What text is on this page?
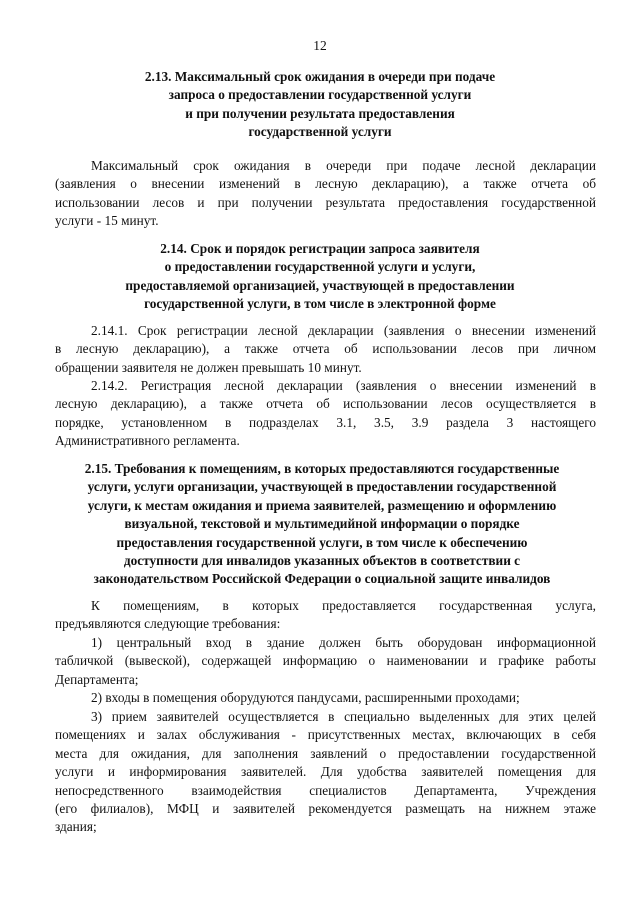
12
2.13. Максимальный срок ожидания в очереди при подаче
запроса о предоставлении государственной услуги
и при получении результата предоставления
государственной услуги
Максимальный срок ожидания в очереди при подаче лесной декларации
(заявления о внесении изменений в лесную декларацию), а также отчета об
использовании лесов и при получении результата предоставления государственной
услуги - 15 минут.
2.14. Срок и порядок регистрации запроса заявителя
о предоставлении государственной услуги и услуги,
предоставляемой организацией, участвующей в предоставлении
государственной услуги, в том числе в электронной форме
2.14.1. Срок регистрации лесной декларации (заявления о внесении изменений
в лесную декларацию), а также отчета об использовании лесов при личном
обращении заявителя не должен превышать 10 минут.
2.14.2. Регистрация лесной декларации (заявления о внесении изменений в
лесную декларацию), а также отчета об использовании лесов осуществляется в
порядке, установленном в подразделах 3.1, 3.5, 3.9 раздела 3 настоящего
Административного регламента.
2.15. Требования к помещениям, в которых предоставляются государственные
услуги, услуги организации, участвующей в предоставлении государственной
услуги, к местам ожидания и приема заявителей, размещению и оформлению
визуальной, текстовой и мультимедийной информации о порядке
предоставления государственной услуги, в том числе к обеспечению
доступности для инвалидов указанных объектов в соответствии с
законодательством Российской Федерации о социальной защите инвалидов
К помещениям, в которых предоставляется государственная услуга,
предъявляются следующие требования:
1) центральный вход в здание должен быть оборудован информационной
табличкой (вывеской), содержащей информацию о наименовании и графике работы
Департамента;
2) входы в помещения оборудуются пандусами, расширенными проходами;
3) прием заявителей осуществляется в специально выделенных для этих целей
помещениях и залах обслуживания - присутственных местах, включающих в себя
места для ожидания, для заполнения заявлений о предоставлении государственной
услуги и информирования заявителей. Для удобства заявителей помещения для
непосредственного взаимодействия специалистов Департамента, Учреждения
(его филиалов), МФЦ и заявителей рекомендуется размещать на нижнем этаже
здания;
